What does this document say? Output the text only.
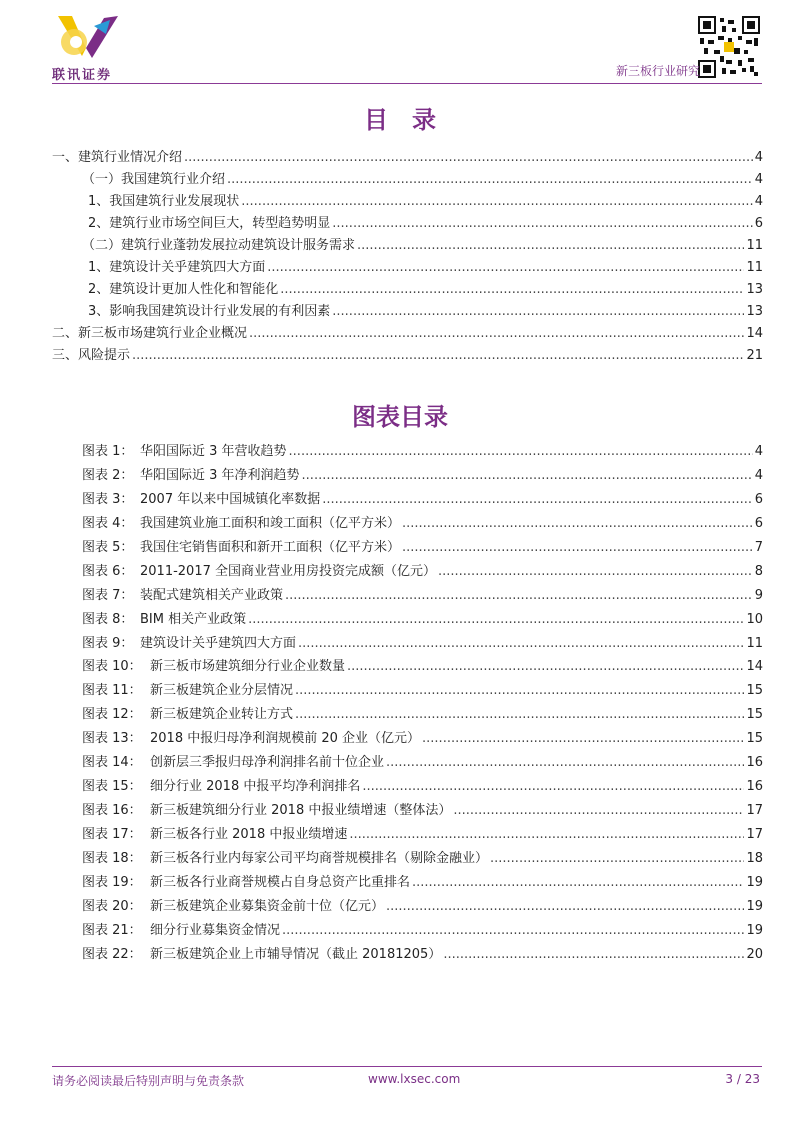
联讯证券	新三板行业研究
目　录
一、建筑行业情况介绍 .....	4
（一）我国建筑行业介绍 .....	4
1、我国建筑行业发展现状 .....	4
2、建筑行业市场空间巨大，转型趋势明显 .....	6
（二）建筑行业蓬勃发展拉动建筑设计服务需求 .....	11
1、建筑设计关乎建筑四大方面 .....	11
2、建筑设计更加人性化和智能化 .....	13
3、影响我国建筑设计行业发展的有利因素 .....	13
二、新三板市场建筑行业企业概况 .....	14
三、风险提示 .....	21
图表目录
图表 1： 华阳国际近 3 年营收趋势 .....	4
图表 2： 华阳国际近 3 年净利润趋势 .....	4
图表 3： 2007 年以来中国城镇化率数据 .....	6
图表 4： 我国建筑业施工面积和竣工面积（亿平方米） .....	6
图表 5： 我国住宅销售面积和新开工面积（亿平方米） .....	7
图表 6： 2011-2017 全国商业营业用房投资完成额（亿元） .....	8
图表 7： 装配式建筑相关产业政策 .....	9
图表 8： BIM 相关产业政策 .....	10
图表 9： 建筑设计关乎建筑四大方面 .....	11
图表 10： 新三板市场建筑细分行业企业数量 .....	14
图表 11： 新三板建筑企业分层情况 .....	15
图表 12： 新三板建筑企业转让方式 .....	15
图表 13： 2018 中报归母净利润规模前 20 企业（亿元） .....	15
图表 14： 创新层三季报归母净利润排名前十位企业 .....	16
图表 15： 细分行业 2018 中报平均净利润排名 .....	16
图表 16： 新三板建筑细分行业 2018 中报业绩增速（整体法） .....	17
图表 17： 新三板各行业 2018 中报业绩增速 .....	17
图表 18： 新三板各行业内每家公司平均商誉规模排名（剔除金融业） .....	18
图表 19： 新三板各行业商誉规模占自身总资产比重排名 .....	19
图表 20： 新三板建筑企业募集资金前十位（亿元） .....	19
图表 21： 细分行业募集资金情况 .....	19
图表 22： 新三板建筑企业上市辅导情况（截止 20181205） .....	20
请务必阅读最后特别声明与免责条款	www.lxsec.com	3 / 23
